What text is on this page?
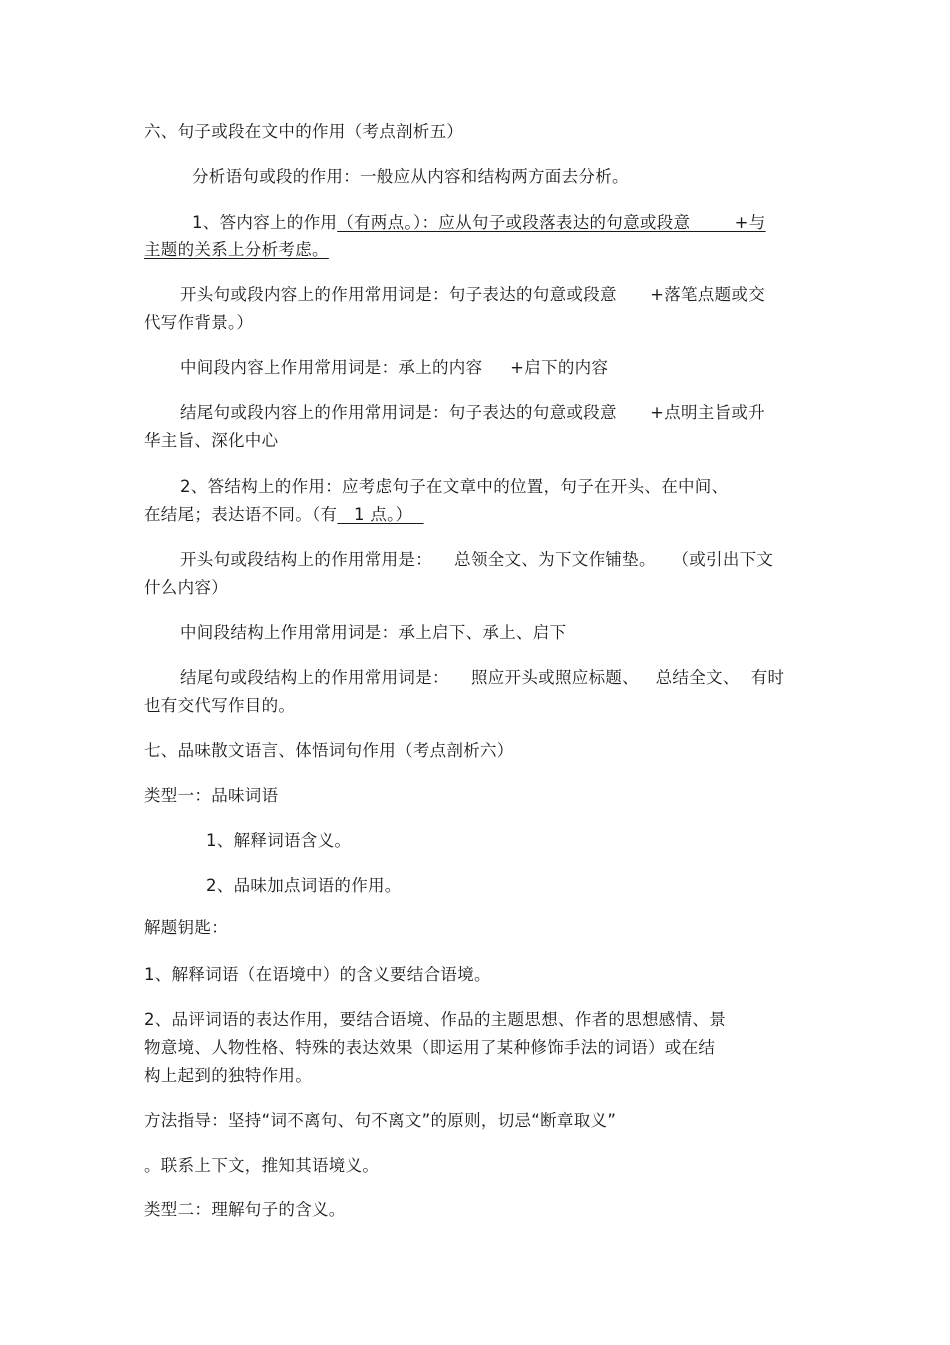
六、句子或段在文中的作用（考点剖析五）
分析语句或段的作用：一般应从内容和结构两方面去分析。
1、答内容上的作用（有两点。）：应从句子或段落表达的句意或段意        +与
主题的关系上分析考虑。
开头句或段内容上的作用常用词是：句子表达的句意或段意      +落笔点题或交
代写作背景。）
中间段内容上作用常用词是：承上的内容     +启下的内容
结尾句或段内容上的作用常用词是：句子表达的句意或段意      +点明主旨或升
华主旨、深化中心
2、答结构上的作用：应考虑句子在文章中的位置，句子在开头、在中间、
在结尾；表达语不同。（有   1 点。）
开头句或段结构上的作用常用是：    总领全文、为下文作铺垫。   （或引出下文
什么内容）
中间段结构上作用常用词是：承上启下、承上、启下
结尾句或段结构上的作用常用词是：    照应开头或照应标题、   总结全文、  有时
也有交代写作目的。
七、品味散文语言、体悟词句作用（考点剖析六）
类型一：品味词语
1、解释词语含义。
2、品味加点词语的作用。
解题钥匙：
1、解释词语（在语境中）的含义要结合语境。
2、品评词语的表达作用，要结合语境、作品的主题思想、作者的思想感情、景
物意境、人物性格、特殊的表达效果（即运用了某种修饰手法的词语）或在结
构上起到的独特作用。
方法指导：坚持“词不离句、句不离文”的原则，切忌“断章取义”
。联系上下文，推知其语境义。
类型二：理解句子的含义。
